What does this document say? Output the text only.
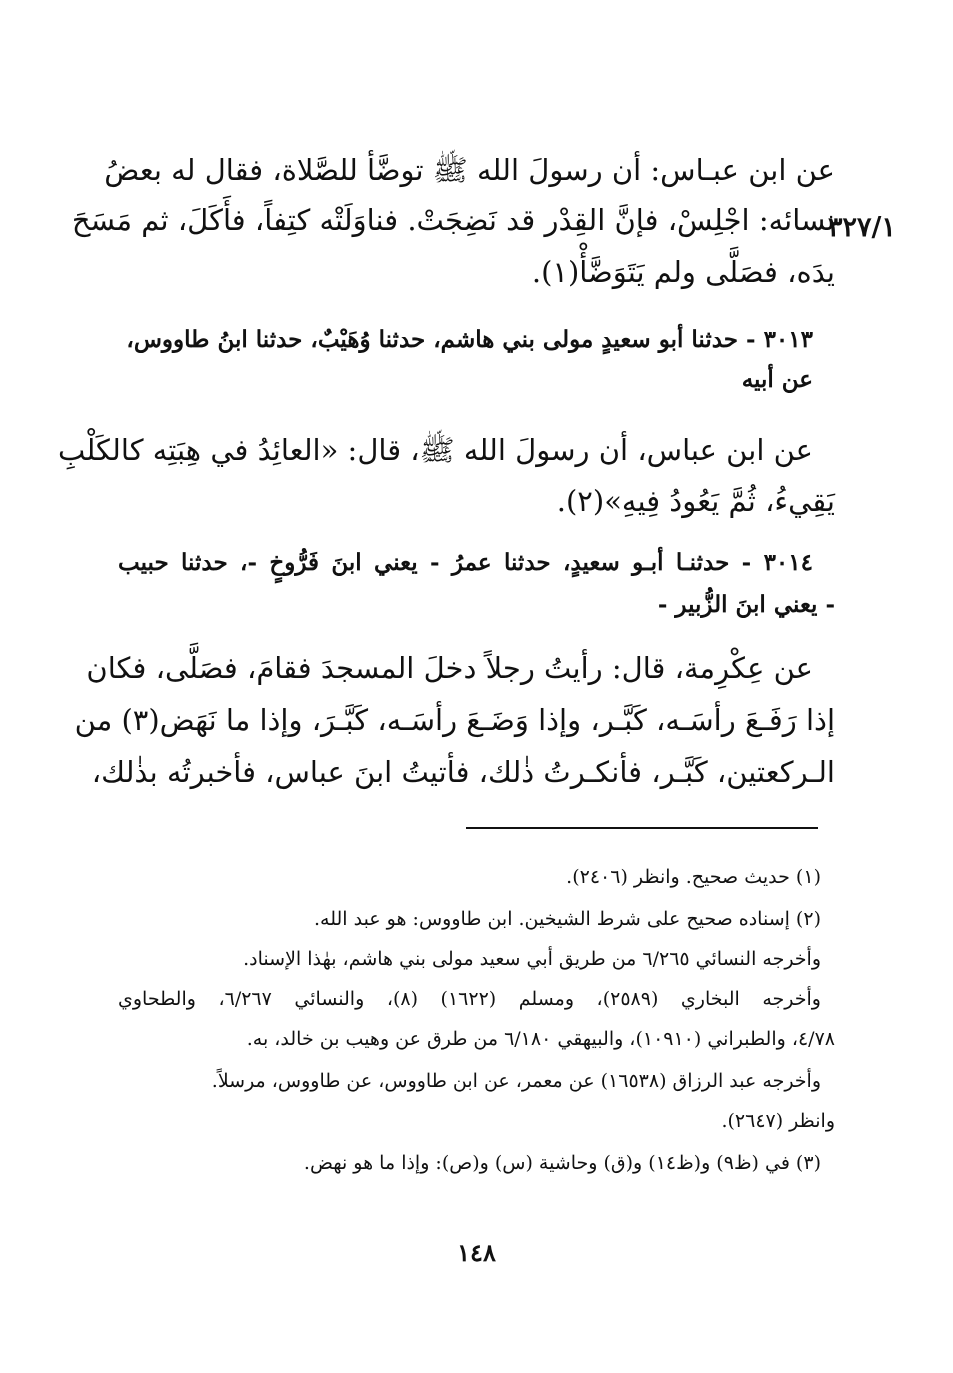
٣٢٧/١
عن ابن عبـاس: أن رسولَ الله ﷺ توضَّأ للصَّلاة، فقال له بعضُ
نسائه: اجْلِسْ، فإنَّ القِدْر قد نَضِجَتْ. فناوَلَتْه كتِفاً، فأَكَلَ، ثم مَسَحَ
يدَه، فصَلَّى ولم يَتَوَضَّأْ(١).
٣٠١٣ - حدثنا أبو سعيدٍ مولى بني هاشم، حدثنا وُهَيْبٌ، حدثنا ابنُ طاووس،
عن أبيه
عن ابن عباس، أن رسولَ الله ﷺ، قال: «العائِدُ في هِبَتِه كالكَلْبِ
يَقِيءُ، ثُمَّ يَعُودُ فِيهِ»(٢).
٣٠١٤ - حدثنـا أبـو سعيدٍ، حدثنا عمرُ - يعني ابنَ فَرُّوخٍ -، حدثنا حبيب
- يعني ابنَ الزُّبير -
عن عِكْرِمة، قال: رأيتُ رجلاً دخلَ المسجدَ فقامَ، فصَلَّى، فكان
إذا رَفَـعَ رأسَـه، كَبَّـر، وإذا وَضَـعَ رأسَـه، كَبَّـرَ، وإذا ما نَهَض(٣) من
الـركعتين، كَبَّـر، فأنكـرتُ ذٰلك، فأتيتُ ابنَ عباس، فأخبرتُه بذٰلك،
(١) حديث صحيح. وانظر (٢٤٠٦).
(٢) إسناده صحيح على شرط الشيخين. ابن طاووس: هو عبد الله.
وأخرجه النسائي ٦/٢٦٥ من طريق أبي سعيد مولى بني هاشم، بهٰذا الإسناد.
وأخرجه البخاري (٢٥٨٩)، ومسلم (١٦٢٢) (٨)، والنسائي ٦/٢٦٧، والطحاوي
٤/٧٨، والطبراني (١٠٩١٠)، والبيهقي ٦/١٨٠ من طرق عن وهيب بن خالد، به.
وأخرجه عبد الرزاق (١٦٥٣٨) عن معمر، عن ابن طاووس، عن طاووس، مرسلاً.
وانظر (٢٦٤٧).
(٣) في (ظ٩) و(ظ١٤) و(ق) وحاشية (س) و(ص): وإذا ما هو نهض.
١٤٨
